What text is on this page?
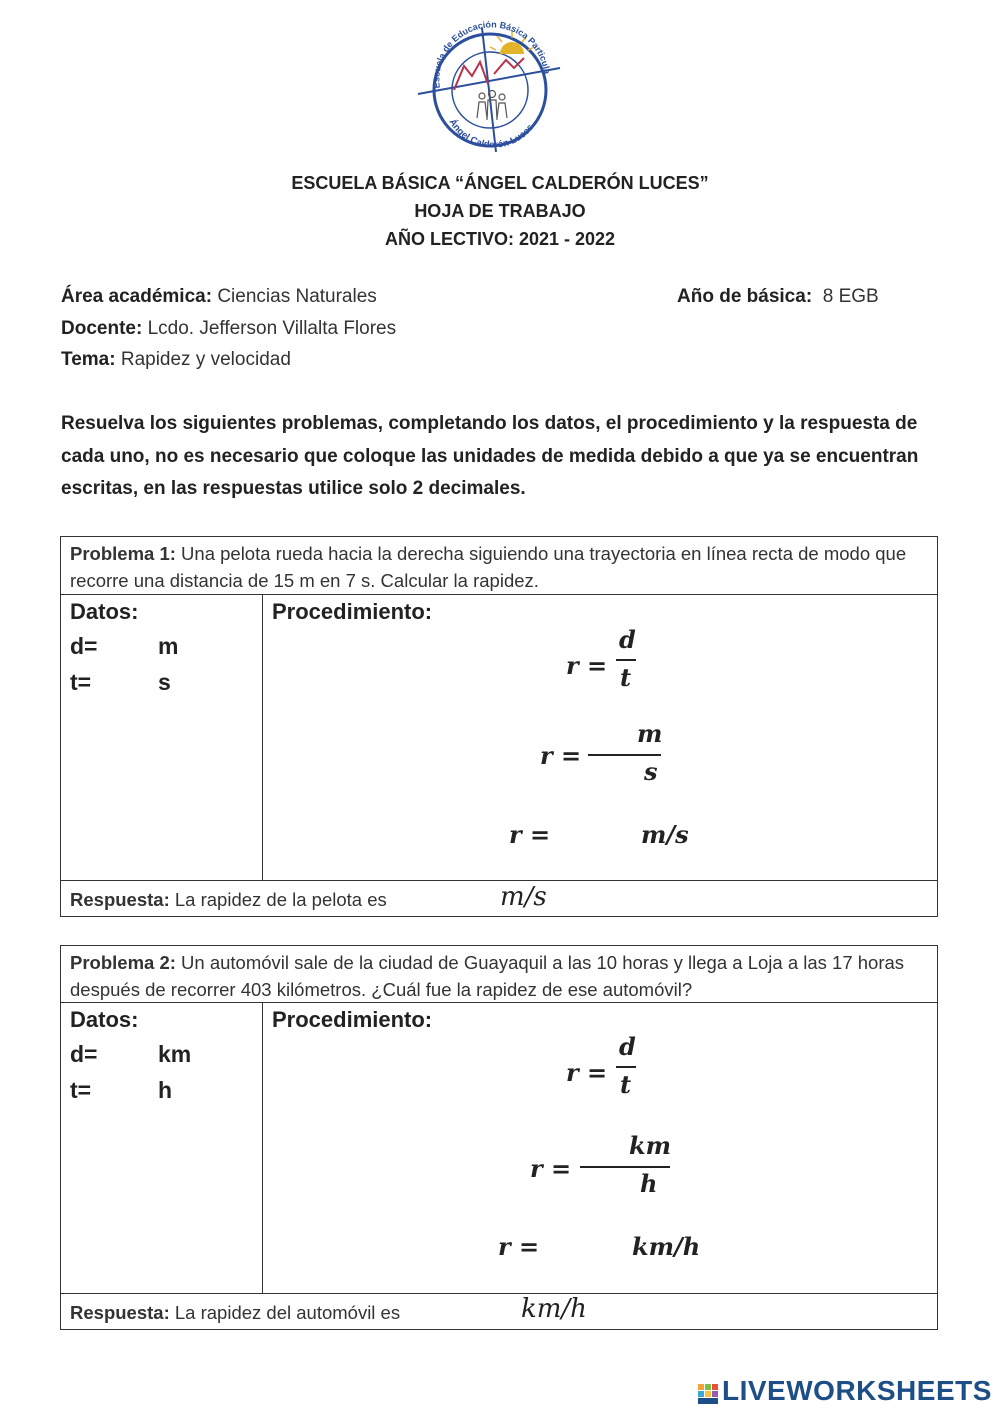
Escuela de Educación Básica Particula
Ángel Calderón Luces
ESCUELA BÁSICA “ÁNGEL CALDERÓN LUCES”
HOJA DE TRABAJO
AÑO LECTIVO: 2021 - 2022
Área académica: Ciencias Naturales	Año de básica: 8 EGB
Docente: Lcdo. Jefferson Villalta Flores
Tema: Rapidez y velocidad
Resuelva los siguientes problemas, completando los datos, el procedimiento y la respuesta de cada uno, no es necesario que coloque las unidades de medida debido a que ya se encuentran escritas, en las respuestas utilice solo 2 decimales.
Problema 1: Una pelota rueda hacia la derecha siguiendo una trayectoria en línea recta de modo que recorre una distancia de 15 m en 7 s. Calcular la rapidez.
Datos:
d=	m
t=	s
Procedimiento:
r =
d
t
r =
m
s
r =	m/s
Respuesta: La rapidez de la pelota es	m/s
Problema 2: Un automóvil sale de la ciudad de Guayaquil a las 10 horas y llega a Loja a las 17 horas después de recorrer 403 kilómetros. ¿Cuál fue la rapidez de ese automóvil?
Datos:
d=	km
t=	h
Procedimiento:
r =
d
t
r =
km
h
r =	km/h
Respuesta: La rapidez del automóvil es	km/h
LIVEWORKSHEETS
